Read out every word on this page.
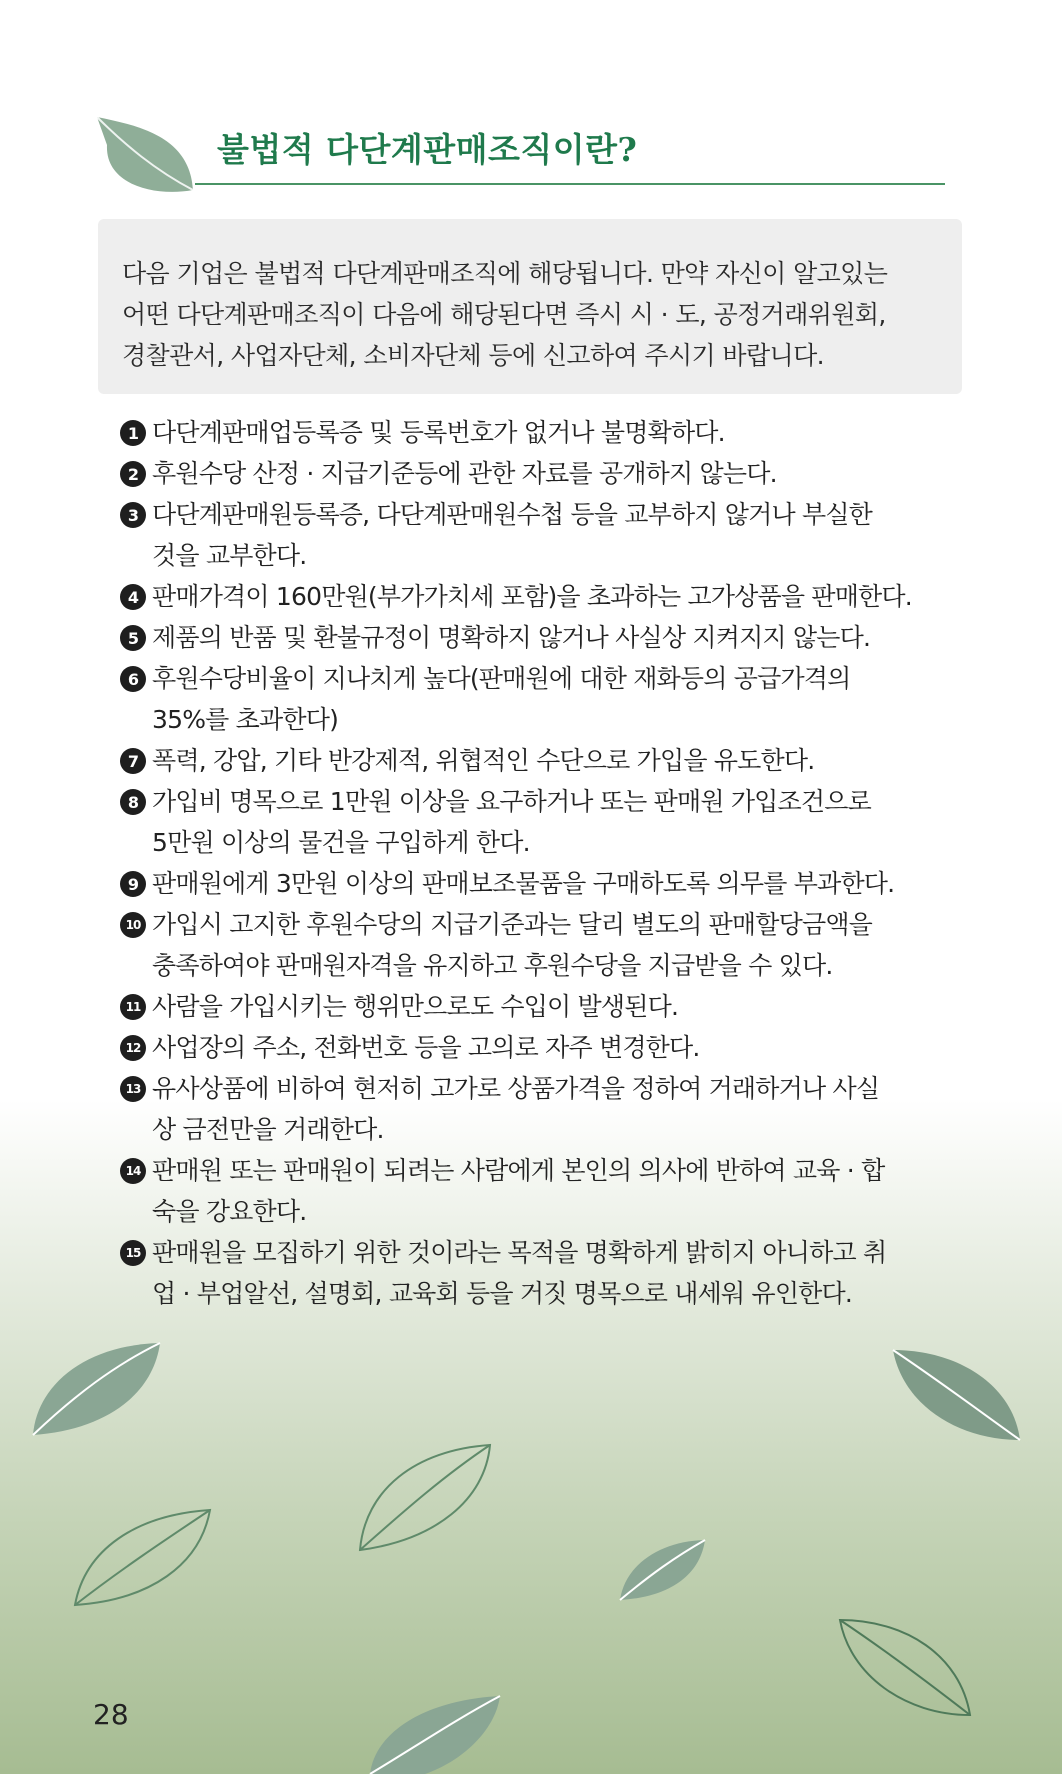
불법적 다단계판매조직이란?

다음 기업은 불법적 다단계판매조직에 해당됩니다. 만약 자신이 알고있는

어떤 다단계판매조직이 다음에 해당된다면 즉시 시 · 도, 공정거래위원회,

경찰관서, 사업자단체, 소비자단체 등에 신고하여 주시기 바랍니다.

1 다단계판매업등록증 및 등록번호가 없거나 불명확하다.
2 후원수당 산정 · 지급기준등에 관한 자료를 공개하지 않는다.
3 다단계판매원등록증, 다단계판매원수첩 등을 교부하지 않거나 부실한
것을 교부한다.
4 판매가격이 160만원(부가가치세 포함)을 초과하는 고가상품을 판매한다.
5 제품의 반품 및 환불규정이 명확하지 않거나 사실상 지켜지지 않는다.
6 후원수당비율이 지나치게 높다(판매원에 대한 재화등의 공급가격의
35%를 초과한다)
7 폭력, 강압, 기타 반강제적, 위협적인 수단으로 가입을 유도한다.
8 가입비 명목으로 1만원 이상을 요구하거나 또는 판매원 가입조건으로
5만원 이상의 물건을 구입하게 한다.
9 판매원에게 3만원 이상의 판매보조물품을 구매하도록 의무를 부과한다.
10 가입시 고지한 후원수당의 지급기준과는 달리 별도의 판매할당금액을
충족하여야 판매원자격을 유지하고 후원수당을 지급받을 수 있다.
11 사람을 가입시키는 행위만으로도 수입이 발생된다.
12 사업장의 주소, 전화번호 등을 고의로 자주 변경한다.
13 유사상품에 비하여 현저히 고가로 상품가격을 정하여 거래하거나 사실
상 금전만을 거래한다.
14 판매원 또는 판매원이 되려는 사람에게 본인의 의사에 반하여 교육 · 합
숙을 강요한다.
15 판매원을 모집하기 위한 것이라는 목적을 명확하게 밝히지 아니하고 취
업 · 부업알선, 설명회, 교육회 등을 거짓 명목으로 내세워 유인한다.
28
